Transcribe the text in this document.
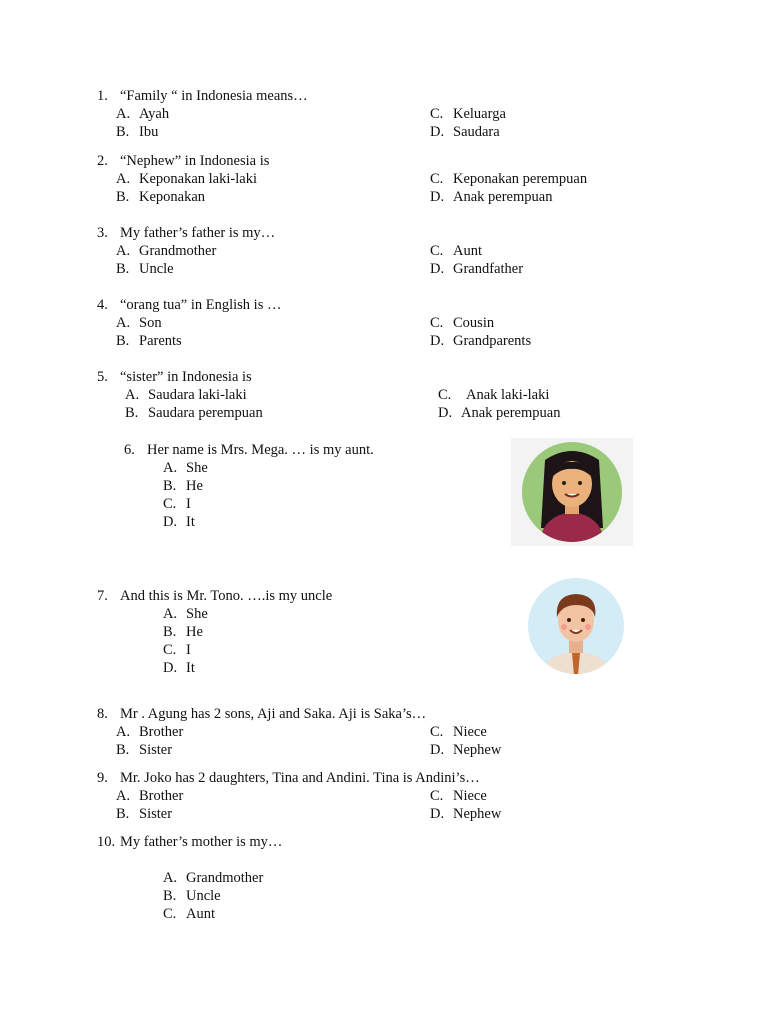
1. “Family “ in Indonesia means…
A. Ayah
B. Ibu
C. Keluarga
D. Saudara
2. “Nephew” in Indonesia is
A. Keponakan laki-laki
B. Keponakan
C. Keponakan perempuan
D. Anak perempuan
3. My father’s father is my…
A. Grandmother
B. Uncle
C. Aunt
D. Grandfather
4. “orang tua” in English is …
A. Son
B. Parents
C. Cousin
D. Grandparents
5. “sister” in Indonesia is
A. Saudara laki-laki
B. Saudara perempuan
C. Anak laki-laki
D. Anak perempuan
6. Her name is Mrs. Mega. … is my aunt.
A. She
B. He
C. I
D. It
7. And this is Mr. Tono. ….is my uncle
A. She
B. He
C. I
D. It
8. Mr . Agung has 2 sons, Aji and Saka. Aji is Saka’s…
A. Brother
B. Sister
C. Niece
D. Nephew
9. Mr. Joko has 2 daughters, Tina and Andini. Tina is Andini’s…
A. Brother
B. Sister
C. Niece
D. Nephew
10. My father’s mother is my…
A. Grandmother
B. Uncle
C. Aunt
